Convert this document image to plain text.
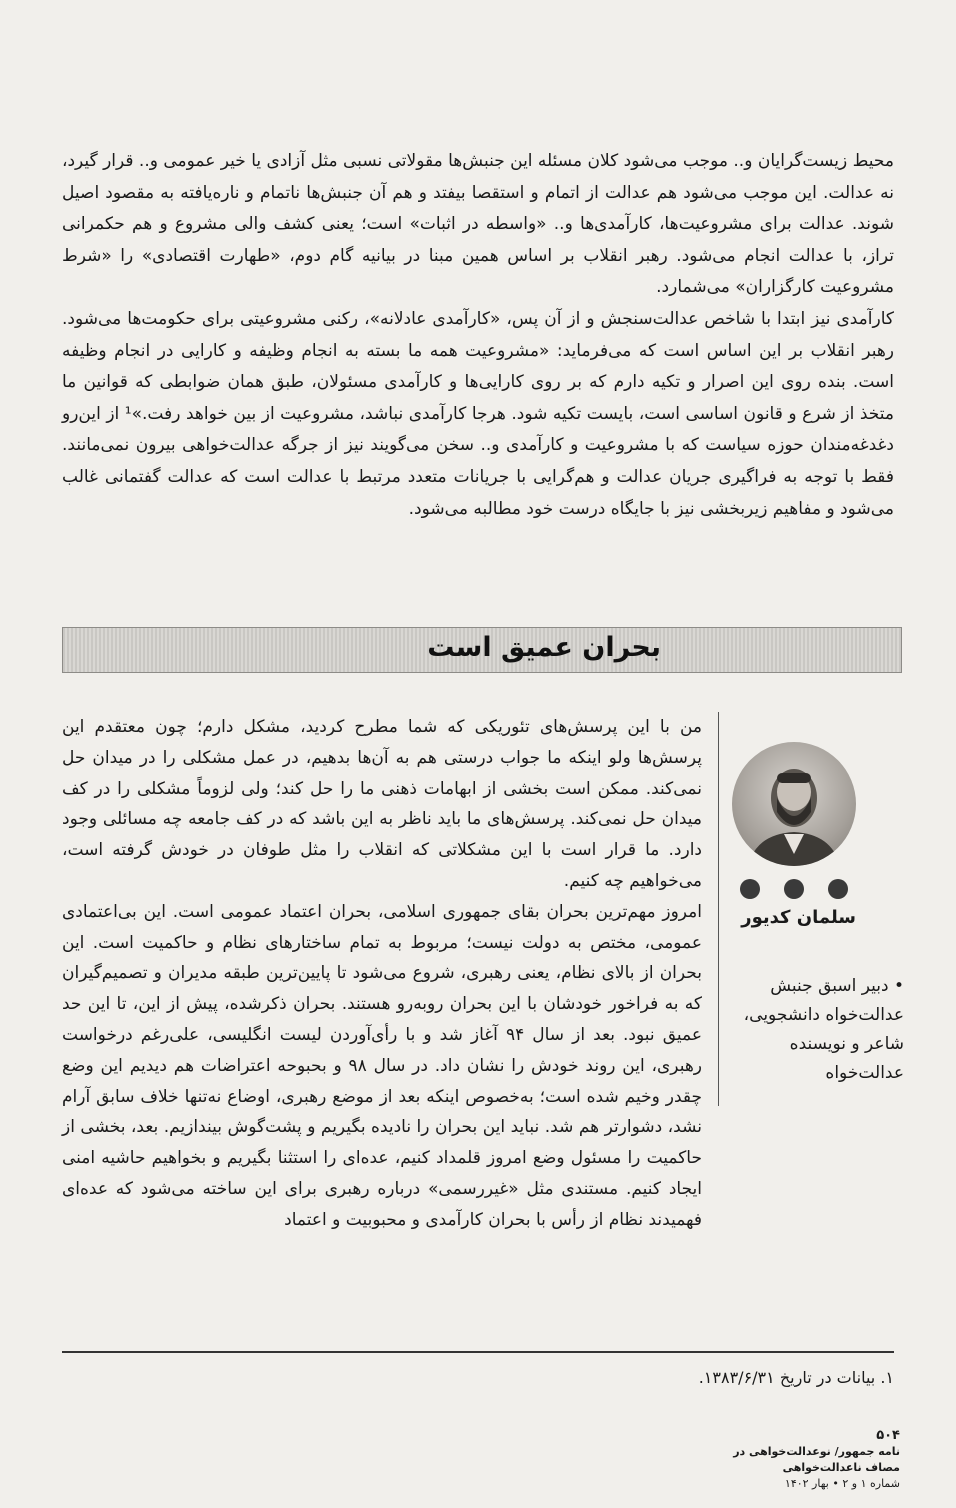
محیط زیست‌گرایان و.. موجب می‌شود کلان مسئله این جنبش‌ها مقولاتی نسبی مثل آزادی یا خیر عمومی و.. قرار گیرد، نه عدالت. این موجب می‌شود هم عدالت از اتمام و استقصا بیفتد و هم آن جنبش‌ها ناتمام و ناره‌یافته به مقصود اصیل شوند. عدالت برای مشروعیت‌ها، کارآمدی‌ها و.. «واسطه در اثبات» است؛ یعنی کشف والی مشروع و هم حکمرانی تراز، با عدالت انجام می‌شود. رهبر انقلاب بر اساس همین مبنا در بیانیه گام دوم، «طهارت اقتصادی» را «شرط مشروعیت کارگزاران» می‌شمارد.

کارآمدی نیز ابتدا با شاخص عدالت‌سنجش و از آن پس، «کارآمدی عادلانه»، رکنی مشروعیتی برای حکومت‌ها می‌شود. رهبر انقلاب بر این اساس است که می‌فرماید: «مشروعیت همه ما بسته به انجام وظیفه و کارایی در انجام وظیفه است. بنده روی این اصرار و تکیه دارم که بر روی کارایی‌ها و کارآمدی مسئولان، طبق همان ضوابطی که قوانین ما متخذ از شرع و قانون اساسی است، بایست تکیه شود. هرجا کارآمدی نباشد، مشروعیت از بین خواهد رفت.»¹ از این‌رو دغدغه‌مندان حوزه سیاست که با مشروعیت و کارآمدی و.. سخن می‌گویند نیز از جرگه عدالت‌خواهی بیرون نمی‌مانند. فقط با توجه به فراگیری جریان عدالت و هم‌گرایی با جریانات متعدد مرتبط با عدالت است که عدالت گفتمانی غالب می‌شود و مفاهیم زیربخشی نیز با جایگاه درست خود مطالبه می‌شود.

بحران عمیق است
سلمان کدیور
• دبیر اسبق جنبش عدالت‌خواه دانشجویی، شاعر و نویسنده عدالت‌خواه

من با این پرسش‌های تئوریکی که شما مطرح کردید، مشکل دارم؛ چون معتقدم این پرسش‌ها ولو اینکه ما جواب درستی هم به آن‌ها بدهیم، در عمل مشکلی را در میدان حل نمی‌کند. ممکن است بخشی از ابهامات ذهنی ما را حل کند؛ ولی لزوماً مشکلی را در کف میدان حل نمی‌کند. پرسش‌های ما باید ناظر به این باشد که در کف جامعه چه مسائلی وجود دارد. ما قرار است با این مشکلاتی که انقلاب را مثل طوفان در خودش گرفته است، می‌خواهیم چه کنیم.

امروز مهم‌ترین بحران بقای جمهوری اسلامی، بحران اعتماد عمومی است. این بی‌اعتمادی عمومی، مختص به دولت نیست؛ مربوط به تمام ساختارهای نظام و حاکمیت است. این بحران از بالای نظام، یعنی رهبری، شروع می‌شود تا پایین‌ترین طبقه مدیران و تصمیم‌گیران که به فراخور خودشان با این بحران روبه‌رو هستند. بحران ذکرشده، پیش از این، تا این حد عمیق نبود. بعد از سال ۹۴ آغاز شد و با رأی‌آوردن لیست انگلیسی، علی‌رغم درخواست رهبری، این روند خودش را نشان داد. در سال ۹۸ و بحبوحه اعتراضات هم دیدیم این وضع چقدر وخیم شده است؛ به‌خصوص اینکه بعد از موضع رهبری، اوضاع نه‌تنها خلاف سابق آرام نشد، دشوارتر هم شد. نباید این بحران را نادیده بگیریم و پشت‌گوش بیندازیم. بعد، بخشی از حاکمیت را مسئول وضع امروز قلمداد کنیم، عده‌ای را استثنا بگیریم و بخواهیم حاشیه امنی ایجاد کنیم. مستندی مثل «غیررسمی» درباره رهبری برای این ساخته می‌شود که عده‌ای فهمیدند نظام از رأس با بحران کارآمدی و محبوبیت و اعتماد

۱. بیانات در تاریخ ۱۳۸۳/۶/۳۱.
۵۰۴
نامه جمهور/ نوعدالت‌خواهی در مصاف ناعدالت‌خواهی
شماره ۱ و ۲ • بهار ۱۴۰۲
